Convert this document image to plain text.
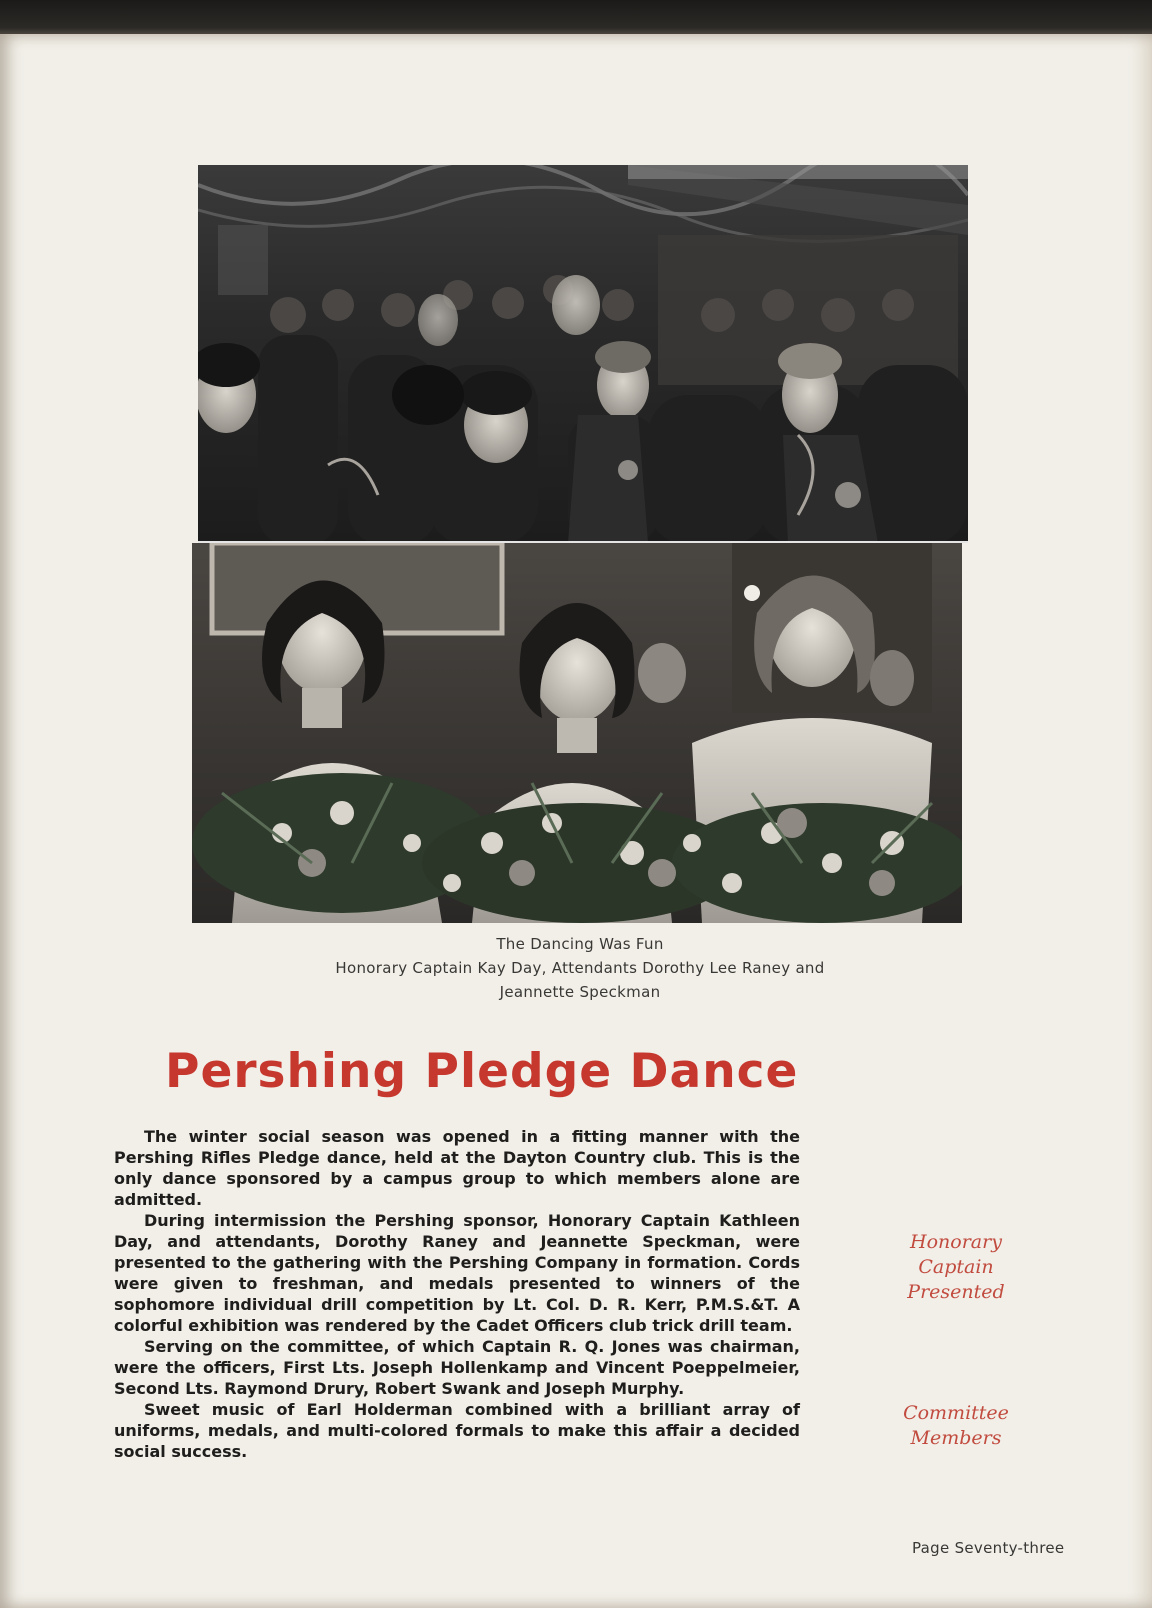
The Dancing Was Fun
Honorary Captain Kay Day, Attendants Dorothy Lee Raney and
Jeannette Speckman
Pershing Pledge Dance

The winter social season was opened in a fitting manner with the Pershing Rifles Pledge dance, held at the Dayton Country club. This is the only dance sponsored by a campus group to which members alone are admitted.

During intermission the Pershing sponsor, Honorary Captain Kathleen Day, and attendants, Dorothy Raney and Jeannette Speckman, were presented to the gathering with the Pershing Company in formation. Cords were given to freshman, and medals presented to winners of the sophomore individual drill competition by Lt. Col. D. R. Kerr, P.M.S.&T. A colorful exhibition was rendered by the Cadet Officers club trick drill team.

Serving on the committee, of which Captain R. Q. Jones was chairman, were the officers, First Lts. Joseph Hollenkamp and Vincent Poeppelmeier, Second Lts. Raymond Drury, Robert Swank and Joseph Murphy.

Sweet music of Earl Holderman combined with a brilliant array of uniforms, medals, and multi-colored formals to make this affair a decided social success.

Honorary
Captain
Presented
Committee
Members
Page Seventy-three
